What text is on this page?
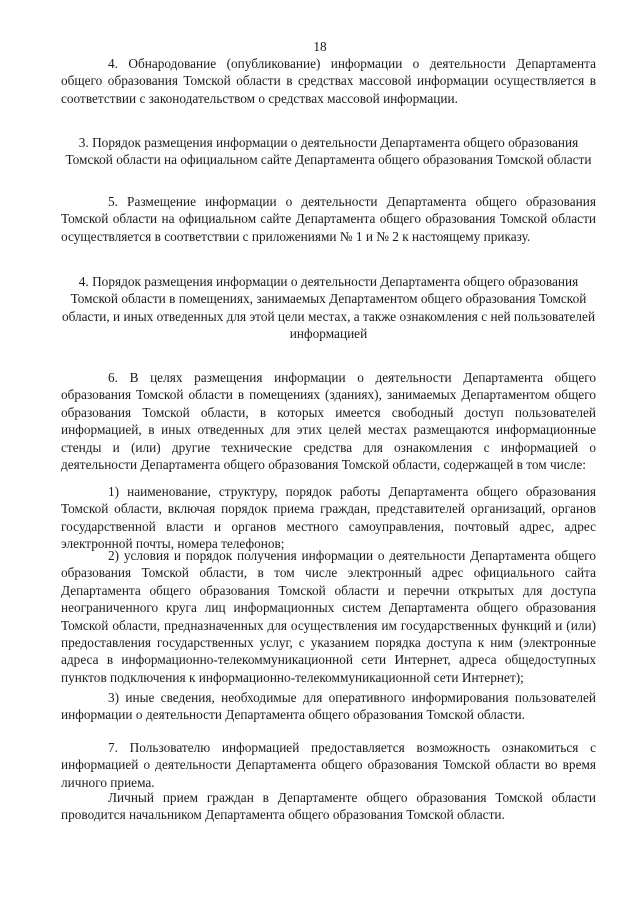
18

4. Обнародование (опубликование) информации о деятельности Департамента общего образования Томской области в средствах массовой информации осуществляется в соответствии с законодательством о средствах массовой информации.

3. Порядок размещения информации о деятельности Департамента общего образования Томской области на официальном сайте Департамента общего образования Томской области

5. Размещение информации о деятельности Департамента общего образования Томской области на официальном сайте Департамента общего образования Томской области осуществляется в соответствии с приложениями № 1 и № 2 к настоящему приказу.

4. Порядок размещения информации о деятельности Департамента общего образования Томской области в помещениях, занимаемых Департаментом общего образования Томской области, и иных отведенных для этой цели местах, а также ознакомления с ней пользователей информацией

6. В целях размещения информации о деятельности Департамента общего образования Томской области в помещениях (зданиях), занимаемых Департаментом общего образования Томской области, в которых имеется свободный доступ пользователей информацией, в иных отведенных для этих целей местах размещаются информационные стенды и (или) другие технические средства для ознакомления с информацией о деятельности Департамента общего образования Томской области, содержащей в том числе:

1) наименование, структуру, порядок работы Департамента общего образования Томской области, включая порядок приема граждан, представителей организаций, органов государственной власти и органов местного самоуправления, почтовый адрес, адрес электронной почты, номера телефонов;

2) условия и порядок получения информации о деятельности Департамента общего образования Томской области, в том числе электронный адрес официального сайта Департамента общего образования Томской области и перечни открытых для доступа неограниченного круга лиц информационных систем Департамента общего образования Томской области, предназначенных для осуществления им государственных функций и (или) предоставления государственных услуг, с указанием порядка доступа к ним (электронные адреса в информационно-телекоммуникационной сети Интернет, адреса общедоступных пунктов подключения к информационно-телекоммуникационной сети Интернет);

3) иные сведения, необходимые для оперативного информирования пользователей информации о деятельности Департамента общего образования Томской области.

7. Пользователю информацией предоставляется возможность ознакомиться с информацией о деятельности Департамента общего образования Томской области во время личного приема.

Личный прием граждан в Департаменте общего образования Томской области проводится начальником Департамента общего образования Томской области.
